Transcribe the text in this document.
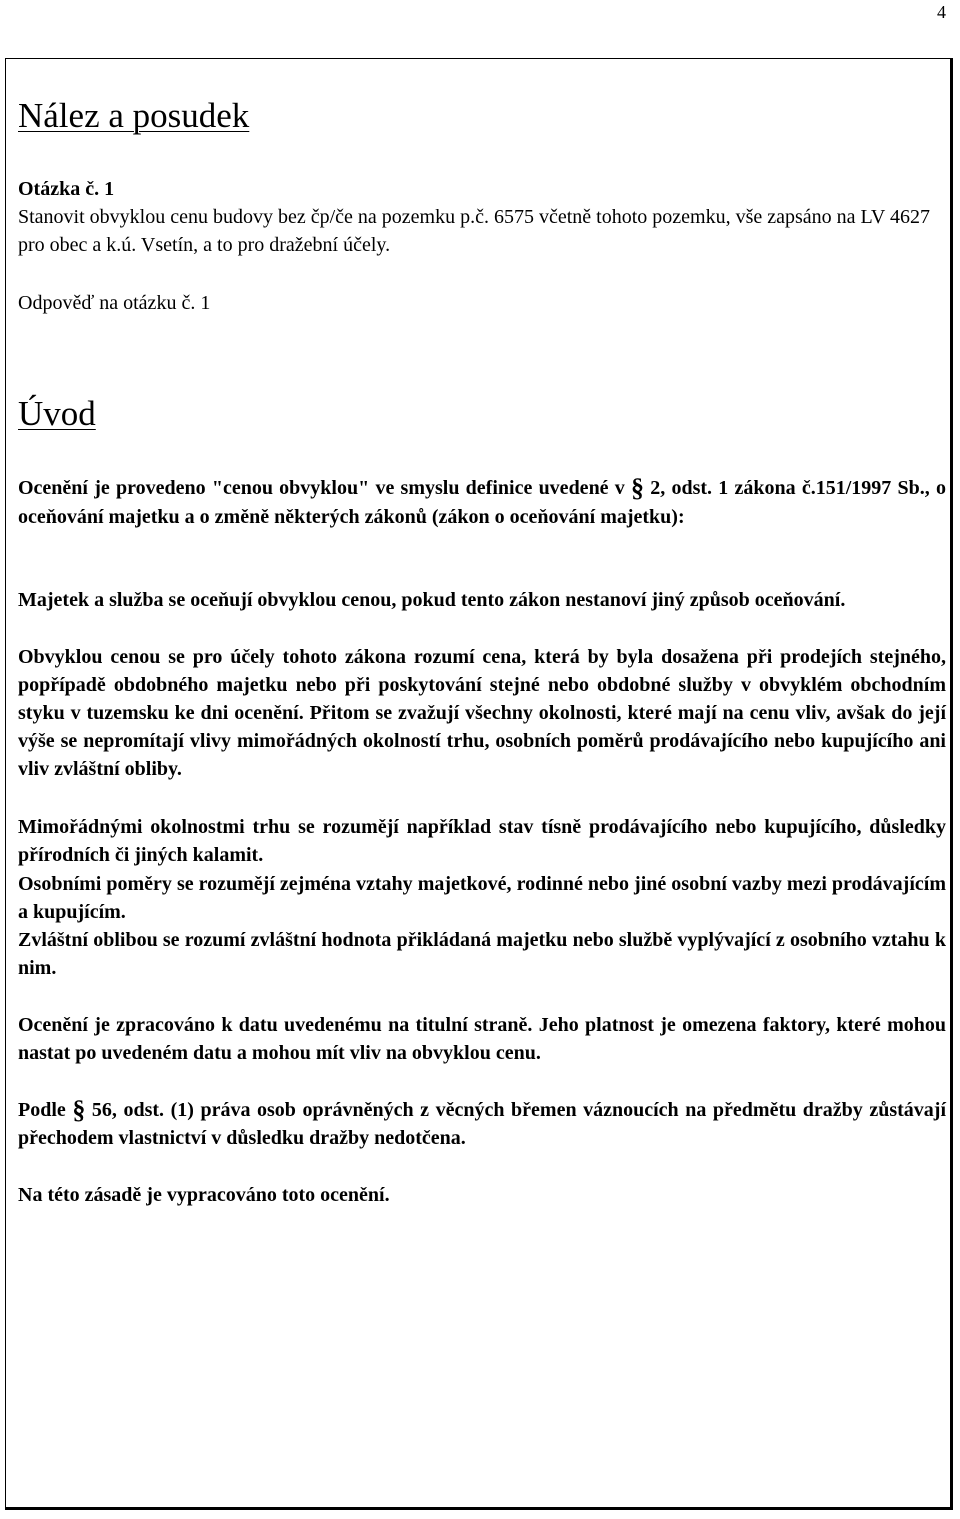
4
Nález a posudek
Otázka č. 1
Stanovit obvyklou cenu budovy bez čp/če na pozemku p.č. 6575 včetně tohoto pozemku, vše zapsáno na LV 4627 pro obec a k.ú. Vsetín, a to pro dražební účely.
Odpověď na otázku č. 1
Úvod
Ocenění je provedeno "cenou obvyklou" ve smyslu definice uvedené v § 2, odst. 1 zákona č.151/1997 Sb., o oceňování majetku a o změně některých zákonů (zákon o oceňování majetku):
Majetek a služba se oceňují obvyklou cenou, pokud tento zákon nestanoví jiný způsob oceňování.
Obvyklou cenou se pro účely tohoto zákona rozumí cena, která by byla dosažena při prodejích stejného, popřípadě obdobného majetku nebo při poskytování stejné nebo obdobné služby v obvyklém obchodním styku v tuzemsku ke dni ocenění. Přitom se zvažují všechny okolnosti, které mají na cenu vliv, avšak do její výše se nepromítají vlivy mimořádných okolností trhu, osobních poměrů prodávajícího nebo kupujícího ani vliv zvláštní obliby.
Mimořádnými okolnostmi trhu se rozumějí například stav tísně prodávajícího nebo kupujícího, důsledky přírodních či jiných kalamit.
Osobními poměry se rozumějí zejména vztahy majetkové, rodinné nebo jiné osobní vazby mezi prodávajícím a kupujícím.
Zvláštní oblibou se rozumí zvláštní hodnota přikládaná majetku nebo službě vyplývající z osobního vztahu k nim.
Ocenění je zpracováno k datu uvedenému na titulní straně. Jeho platnost je omezena faktory, které mohou nastat po uvedeném datu a mohou mít vliv na obvyklou cenu.
Podle § 56, odst. (1) práva osob oprávněných z věcných břemen váznoucích na předmětu dražby zůstávají přechodem vlastnictví v důsledku dražby nedotčena.
Na této zásadě je vypracováno toto ocenění.
